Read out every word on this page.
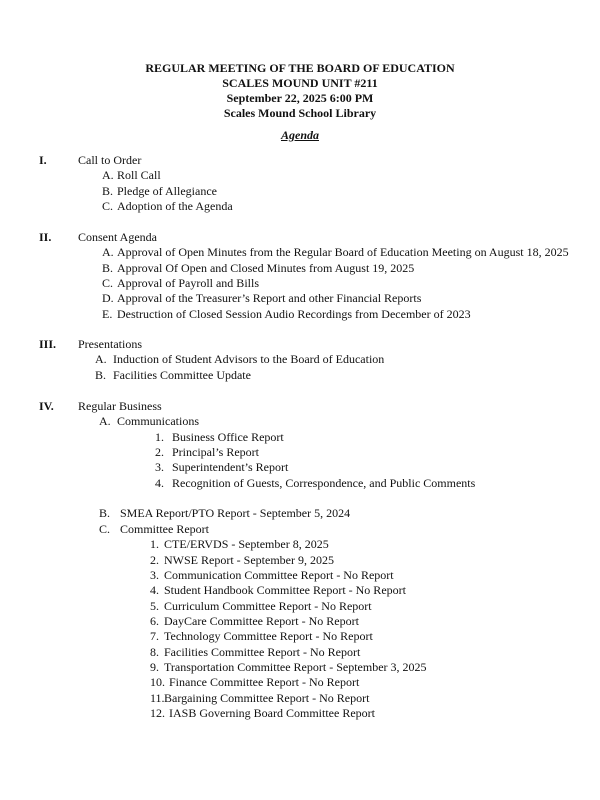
REGULAR MEETING OF THE BOARD OF EDUCATION
SCALES MOUND UNIT #211
September 22, 2025 6:00 PM
Scales Mound School Library
Agenda
I.	Call to Order
A. Roll Call
B. Pledge of Allegiance
C. Adoption of the Agenda
II. Consent Agenda
A. Approval of Open Minutes from the Regular Board of Education Meeting on August 18, 2025
B. Approval Of Open and Closed Minutes from August 19, 2025
C. Approval of Payroll and Bills
D. Approval of the Treasurer’s Report and other Financial Reports
E. Destruction of Closed Session Audio Recordings from December of 2023
III. Presentations
A. Induction of Student Advisors to the Board of Education
B. Facilities Committee Update
IV. Regular Business
A. Communications
1. Business Office Report
2. Principal’s Report
3. Superintendent’s Report
4. Recognition of Guests, Correspondence, and Public Comments
B. SMEA Report/PTO Report - September 5, 2024
C. Committee Report
1. CTE/ERVDS - September 8, 2025
2. NWSE Report - September 9, 2025
3. Communication Committee Report - No Report
4. Student Handbook Committee Report - No Report
5. Curriculum Committee Report - No Report
6. DayCare Committee Report - No Report
7. Technology Committee Report - No Report
8. Facilities Committee Report - No Report
9. Transportation Committee Report - September 3, 2025
10. Finance Committee Report - No Report
11. Bargaining Committee Report - No Report
12. IASB Governing Board Committee Report
